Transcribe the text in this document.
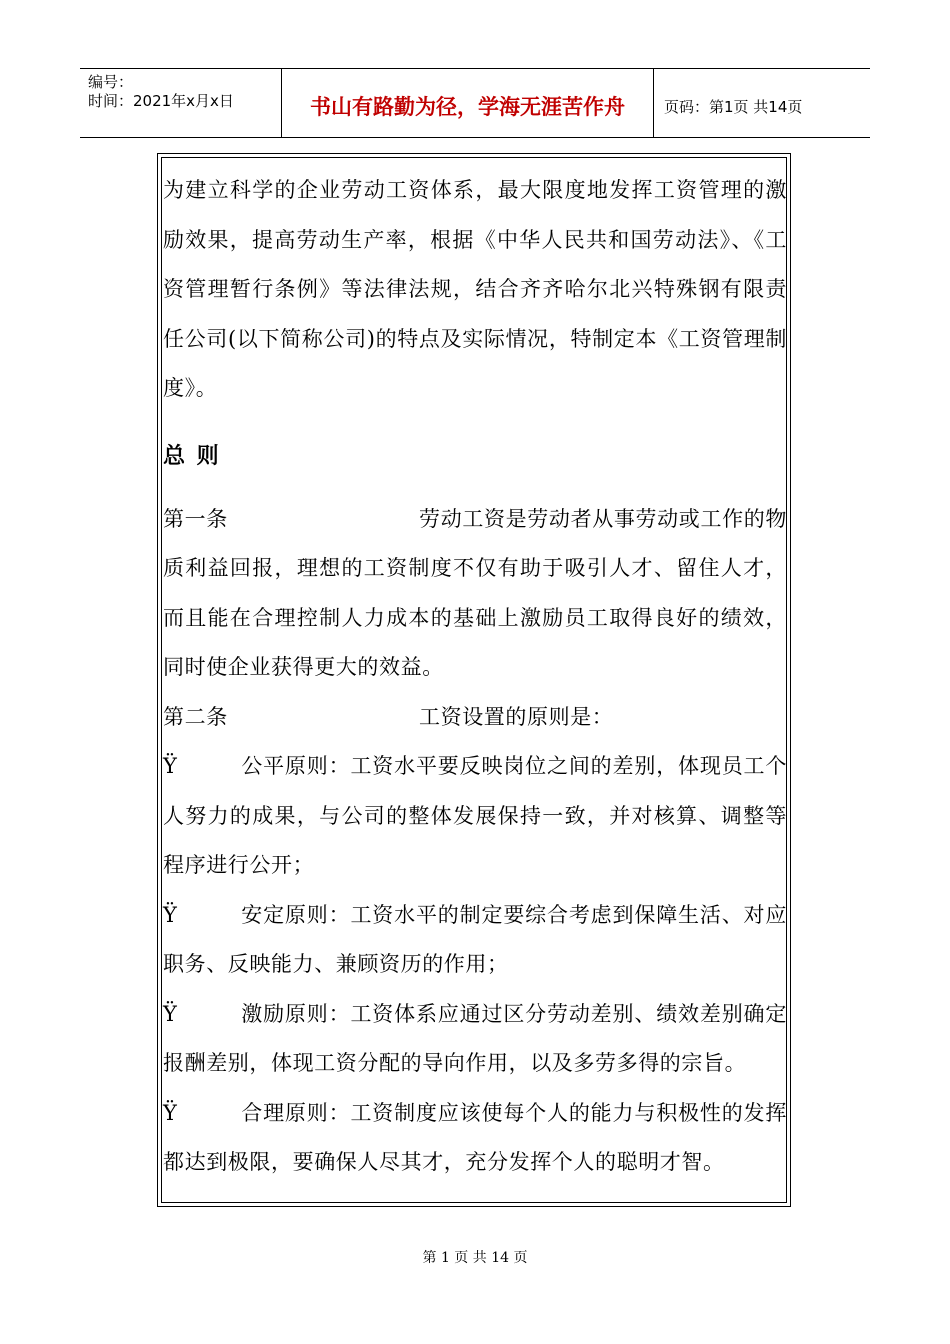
编号：
时间：2021年x月x日	书山有路勤为径，学海无涯苦作舟	页码：第1页 共14页

为建立科学的企业劳动工资体系，最大限度地发挥工资管理的激励效果，提高劳动生产率，根据《中华人民共和国劳动法》、《工资管理暂行条例》等法律法规，结合齐齐哈尔北兴特殊钢有限责任公司(以下简称公司)的特点及实际情况，特制定本《工资管理制度》。

总 则

第一条	劳动工资是劳动者从事劳动或工作的物质利益回报，理想的工资制度不仅有助于吸引人才、留住人才，而且能在合理控制人力成本的基础上激励员工取得良好的绩效，同时使企业获得更大的效益。

第二条	工资设置的原则是：

Ÿ	公平原则：工资水平要反映岗位之间的差别，体现员工个人努力的成果，与公司的整体发展保持一致，并对核算、调整等程序进行公开；

Ÿ	安定原则：工资水平的制定要综合考虑到保障生活、对应职务、反映能力、兼顾资历的作用；

Ÿ	激励原则：工资体系应通过区分劳动差别、绩效差别确定报酬差别，体现工资分配的导向作用，以及多劳多得的宗旨。

Ÿ	合理原则：工资制度应该使每个人的能力与积极性的发挥都达到极限，要确保人尽其才，充分发挥个人的聪明才智。

第 1 页 共 14 页
